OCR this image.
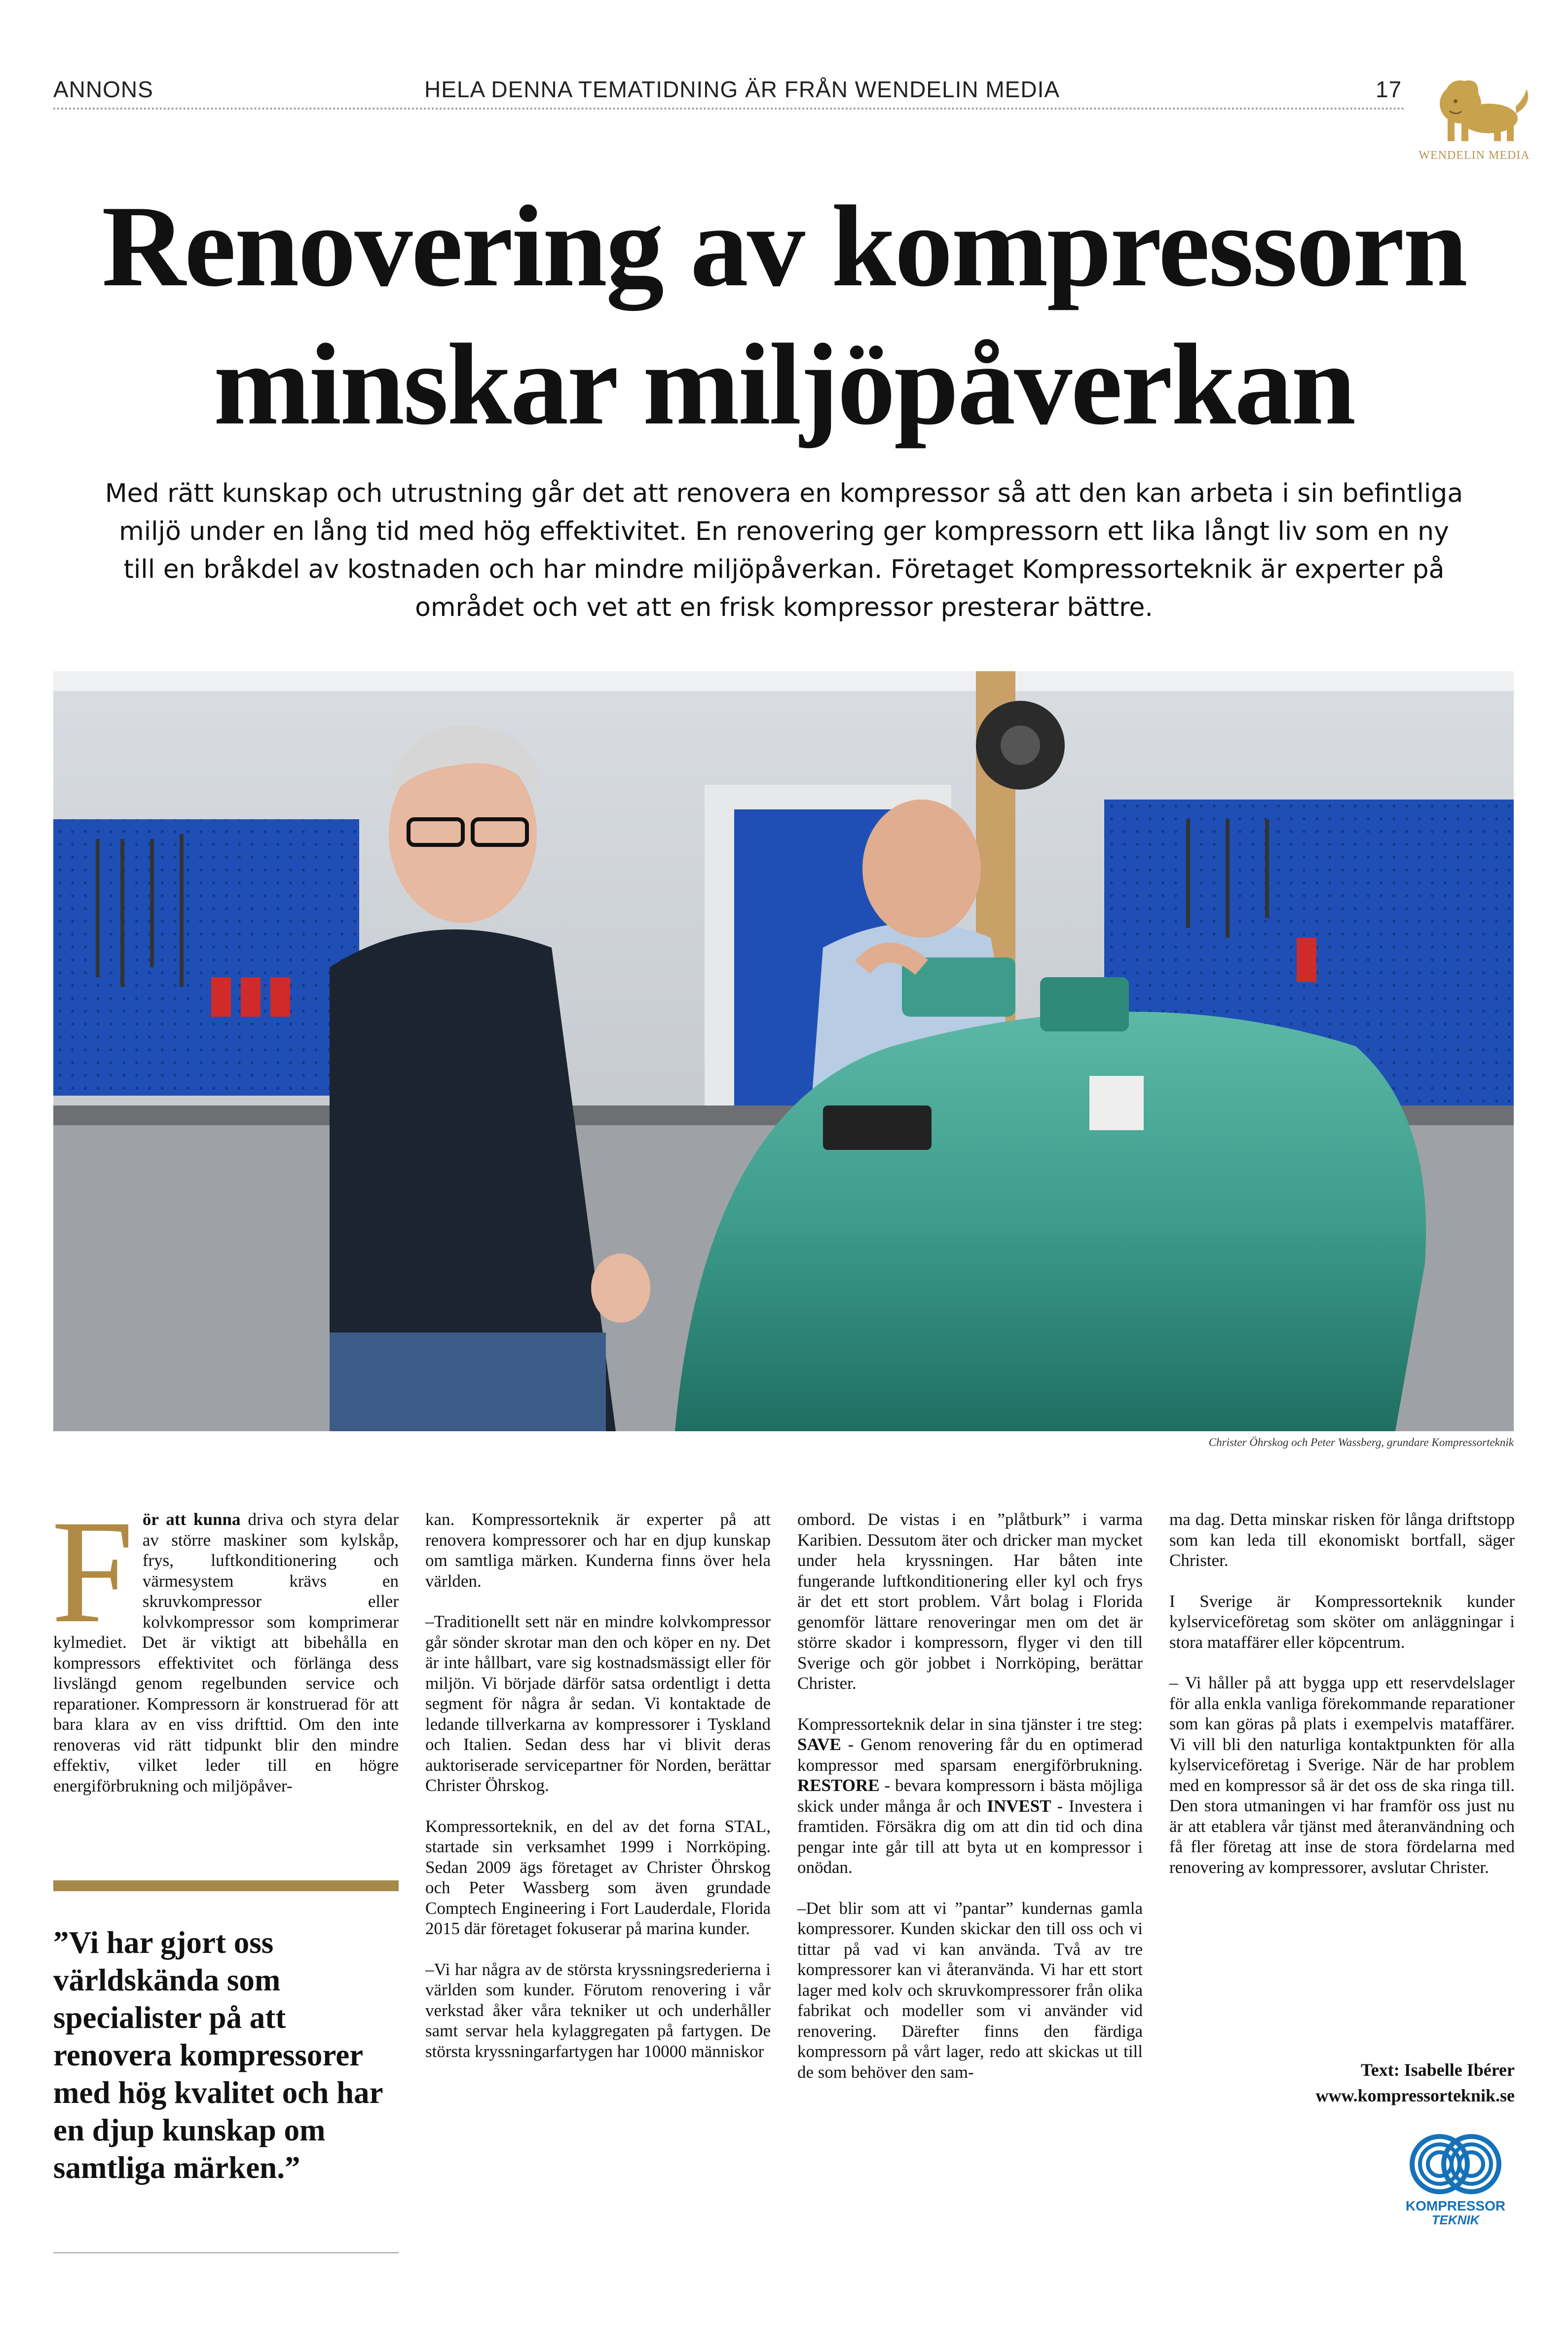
ANNONS	HELA DENNA TEMATIDNING ÄR FRÅN WENDELIN MEDIA	17
WENDELIN MEDIA
Renovering av kompressorn
minskar miljöpåverkan
Med rätt kunskap och utrustning går det att renovera en kompressor så att den kan arbeta i sin befintliga
miljö under en lång tid med hög effektivitet. En renovering ger kompressorn ett lika långt liv som en ny
till en bråkdel av kostnaden och har mindre miljöpåverkan. Företaget Kompressorteknik är experter på
området och vet att en frisk kompressor presterar bättre.
Christer Öhrskog och Peter Wassberg, grundare Kompressorteknik

För att kunna driva och styra delar av större maskiner som kylskåp, frys, luftkonditionering och värmesystem krävs en skruvkompressor eller kolvkompressor som komprimerar kylmediet. Det är viktigt att bibehålla en kompressors effektivitet och förlänga dess livslängd genom regelbunden service och reparationer. Kompressorn är konstruerad för att bara klara av en viss drifttid. Om den inte renoveras vid rätt tidpunkt blir den mindre effektiv, vilket leder till en högre energiförbrukning och miljöpåver-

”Vi har gjort oss världskända som specialister på att renovera kompressorer med hög kvalitet och har en djup kunskap om samtliga märken.”

kan. Kompressorteknik är experter på att renovera kompressorer och har en djup kunskap om samtliga märken. Kunderna finns över hela världen.

–Traditionellt sett när en mindre kolvkompressor går sönder skrotar man den och köper en ny. Det är inte hållbart, vare sig kostnadsmässigt eller för miljön. Vi började därför satsa ordentligt i detta segment för några år sedan. Vi kontaktade de ledande tillverkarna av kompressorer i Tyskland och Italien. Sedan dess har vi blivit deras auktoriserade servicepartner för Norden, berättar Christer Öhrskog.

Kompressorteknik, en del av det forna STAL, startade sin verksamhet 1999 i Norrköping. Sedan 2009 ägs företaget av Christer Öhrskog och Peter Wassberg som även grundade Comptech Engineering i Fort Lauderdale, Florida 2015 där företaget fokuserar på marina kunder.

–Vi har några av de största kryssningsrederierna i världen som kunder. Förutom renovering i vår verkstad åker våra tekniker ut och underhåller samt servar hela kylaggregaten på fartygen. De största kryssningarfartygen har 10000 människor

ombord. De vistas i en ”plåtburk” i varma Karibien. Dessutom äter och dricker man mycket under hela kryssningen. Har båten inte fungerande luftkonditionering eller kyl och frys är det ett stort problem. Vårt bolag i Florida genomför lättare renoveringar men om det är större skador i kompressorn, flyger vi den till Sverige och gör jobbet i Norrköping, berättar Christer.

Kompressorteknik delar in sina tjänster i tre steg: SAVE - Genom renovering får du en optimerad kompressor med sparsam energiförbrukning. RESTORE - bevara kompressorn i bästa möjliga skick under många år och INVEST - Investera i framtiden. Försäkra dig om att din tid och dina pengar inte går till att byta ut en kompressor i onödan.

–Det blir som att vi ”pantar” kundernas gamla kompressorer. Kunden skickar den till oss och vi tittar på vad vi kan använda. Två av tre kompressorer kan vi återanvända. Vi har ett stort lager med kolv och skruvkompressorer från olika fabrikat och modeller som vi använder vid renovering. Därefter finns den färdiga kompressorn på vårt lager, redo att skickas ut till de som behöver den sam-

ma dag. Detta minskar risken för långa driftstopp som kan leda till ekonomiskt bortfall, säger Christer.

I Sverige är Kompressorteknik kunder kylserviceföretag som sköter om anläggningar i stora mataffärer eller köpcentrum.

– Vi håller på att bygga upp ett reservdelslager för alla enkla vanliga förekommande reparationer som kan göras på plats i exempelvis mataffärer. Vi vill bli den naturliga kontaktpunkten för alla kylserviceföretag i Sverige. När de har problem med en kompressor så är det oss de ska ringa till. Den stora utmaningen vi har framför oss just nu är att etablera vår tjänst med återanvändning och få fler företag att inse de stora fördelarna med renovering av kompressorer, avslutar Christer.

Text: Isabelle Ibérer
www.kompressorteknik.se
KOMPRESSOR
TEKNIK
